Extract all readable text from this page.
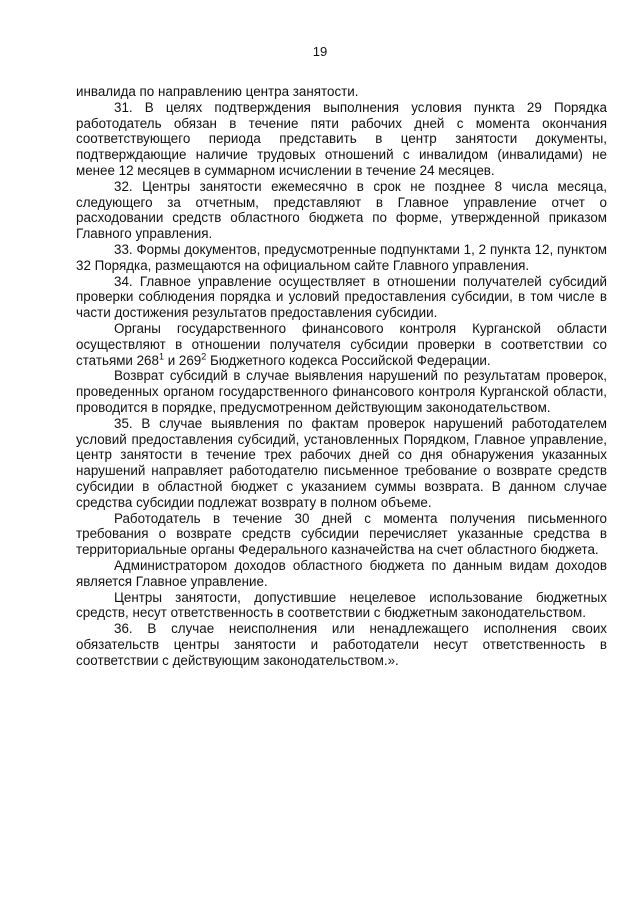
19

инвалида по направлению центра занятости.

31. В целях подтверждения выполнения условия пункта 29 Порядка работодатель обязан в течение пяти рабочих дней с момента окончания соответствующего периода представить в центр занятости документы, подтверждающие наличие трудовых отношений с инвалидом (инвалидами) не менее 12 месяцев в суммарном исчислении в течение 24 месяцев.

32. Центры занятости ежемесячно в срок не позднее 8 числа месяца, следующего за отчетным, представляют в Главное управление отчет о расходовании средств областного бюджета по форме, утвержденной приказом Главного управления.

33. Формы документов, предусмотренные подпунктами 1, 2 пункта 12, пунктом 32 Порядка, размещаются на официальном сайте Главного управления.

34. Главное управление осуществляет в отношении получателей субсидий проверки соблюдения порядка и условий предоставления субсидии, в том числе в части достижения результатов предоставления субсидии.

Органы государственного финансового контроля Курганской области осуществляют в отношении получателя субсидии проверки в соответствии со статьями $268^1$ и $269^2$ Бюджетного кодекса Российской Федерации.

Возврат субсидий в случае выявления нарушений по результатам проверок, проведенных органом государственного финансового контроля Курганской области, проводится в порядке, предусмотренном действующим законодательством.

35. В случае выявления по фактам проверок нарушений работодателем условий предоставления субсидий, установленных Порядком, Главное управление, центр занятости в течение трех рабочих дней со дня обнаружения указанных нарушений направляет работодателю письменное требование о возврате средств субсидии в областной бюджет с указанием суммы возврата. В данном случае средства субсидии подлежат возврату в полном объеме.

Работодатель в течение 30 дней с момента получения письменного требования о возврате средств субсидии перечисляет указанные средства в территориальные органы Федерального казначейства на счет областного бюджета.

Администратором доходов областного бюджета по данным видам доходов является Главное управление.

Центры занятости, допустившие нецелевое использование бюджетных средств, несут ответственность в соответствии с бюджетным законодательством.

36. В случае неисполнения или ненадлежащего исполнения своих обязательств центры занятости и работодатели несут ответственность в соответствии с действующим законодательством.».
